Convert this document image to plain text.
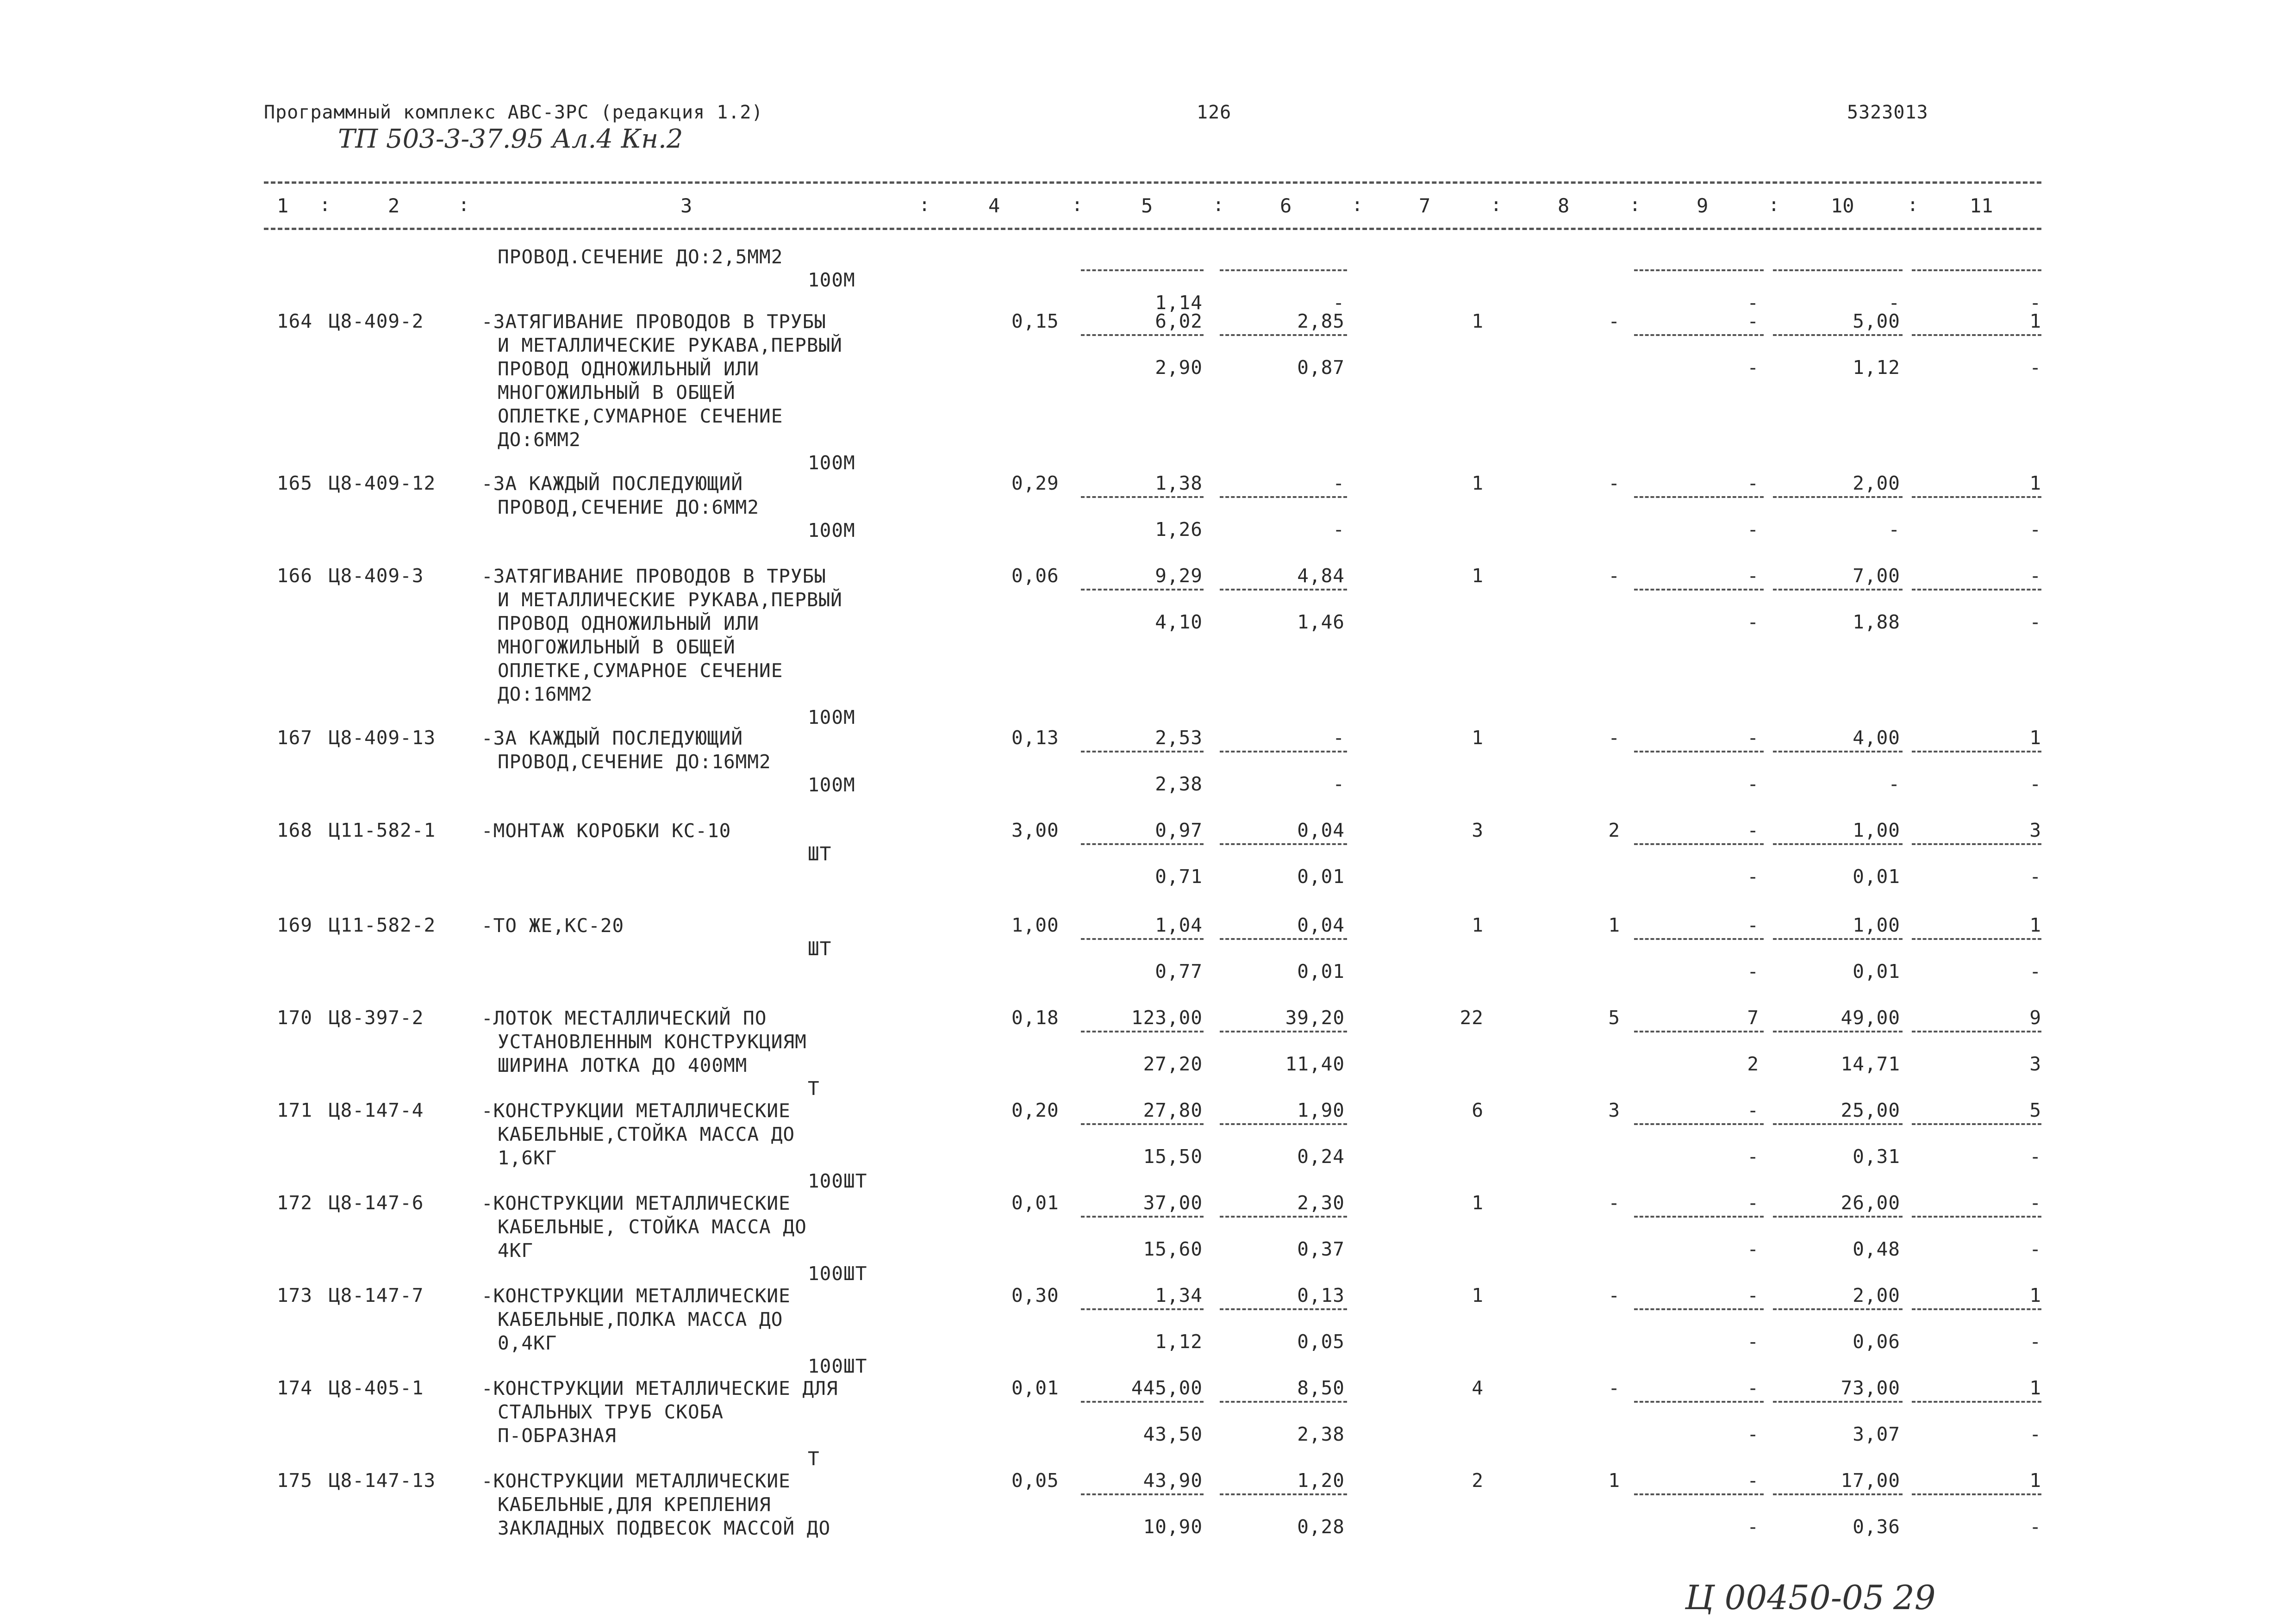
Программный комплекс АВС-3РС (редакция 1.2)	126	5323013
ТП 503-3-37.95 Ал.4 Кн.2
1 :	2	:	3	:	4	:	5	:	6	:	7	:	8	:	9	:	10	:	11
ПРОВОД.СЕЧЕНИЕ ДО:2,5ММ2
100М
1,14	-	-	-	-
164 Ц8-409-2	-ЗАТЯГИВАНИЕ ПРОВОДОВ В ТРУБЫ
И МЕТАЛЛИЧЕСКИЕ РУКАВА,ПЕРВЫЙ
ПРОВОД ОДНОЖИЛЬНЫЙ ИЛИ
МНОГОЖИЛЬНЫЙ В ОБЩЕЙ
ОПЛЕТКЕ,СУМАРНОЕ СЕЧЕНИЕ
ДО:6ММ2
100М
0,15	6,02	2,85	1	-	-	5,00	1
2,90	0,87	-	1,12	-
165 Ц8-409-12 -ЗА КАЖДЫЙ ПОСЛЕДУЮЩИЙ
ПРОВОД,СЕЧЕНИЕ ДО:6ММ2
100М
0,29	1,38	-	1	-	-	2,00	1
1,26	-	-	-	-
166 Ц8-409-3	-ЗАТЯГИВАНИЕ ПРОВОДОВ В ТРУБЫ
И МЕТАЛЛИЧЕСКИЕ РУКАВА,ПЕРВЫЙ
ПРОВОД ОДНОЖИЛЬНЫЙ ИЛИ
МНОГОЖИЛЬНЫЙ В ОБЩЕЙ
ОПЛЕТКЕ,СУМАРНОЕ СЕЧЕНИЕ
ДО:16ММ2
100М
0,06	9,29	4,84	1	-	-	7,00	-
4,10	1,46	-	1,88	-
167 Ц8-409-13 -ЗА КАЖДЫЙ ПОСЛЕДУЮЩИЙ
ПРОВОД,СЕЧЕНИЕ ДО:16ММ2
100М
0,13	2,53	-	1	-	-	4,00	1
2,38	-	-	-	-
168 Ц11-582-1 -МОНТАЖ КОРОБКИ КС-10
ШТ
3,00	0,97	0,04	3	2	-	1,00	3
0,71	0,01	-	0,01	-
169 Ц11-582-2 -ТО ЖЕ,КС-20
ШТ
1,00	1,04	0,04	1	1	-	1,00	1
0,77	0,01	-	0,01	-
170 Ц8-397-2	-ЛОТОК МЕСТАЛЛИЧЕСКИЙ ПО
УСТАНОВЛЕННЫМ КОНСТРУКЦИЯМ
ШИРИНА ЛОТКА ДО 400ММ
Т
0,18	123,00	39,20	22	5	7	49,00	9
27,20	11,40	2	14,71	3
171 Ц8-147-4	-КОНСТРУКЦИИ МЕТАЛЛИЧЕСКИЕ
КАБЕЛЬНЫЕ,СТОЙКА МАССА ДО
1,6КГ
100ШТ
0,20	27,80	1,90	6	3	-	25,00	5
15,50	0,24	-	0,31	-
172 Ц8-147-6	-КОНСТРУКЦИИ МЕТАЛЛИЧЕСКИЕ
КАБЕЛЬНЫЕ, СТОЙКА МАССА ДО
4КГ
100ШТ
0,01	37,00	2,30	1	-	-	26,00	-
15,60	0,37	-	0,48	-
173 Ц8-147-7	-КОНСТРУКЦИИ МЕТАЛЛИЧЕСКИЕ
КАБЕЛЬНЫЕ,ПОЛКА МАССА ДО
0,4КГ
100ШТ
0,30	1,34	0,13	1	-	-	2,00	1
1,12	0,05	-	0,06	-
174 Ц8-405-1	-КОНСТРУКЦИИ МЕТАЛЛИЧЕСКИЕ ДЛЯ
СТАЛЬНЫХ ТРУБ СКОБА
П-ОБРАЗНАЯ
Т
0,01	445,00	8,50	4	-	-	73,00	1
43,50	2,38	-	3,07	-
175 Ц8-147-13 -КОНСТРУКЦИИ МЕТАЛЛИЧЕСКИЕ
КАБЕЛЬНЫЕ,ДЛЯ КРЕПЛЕНИЯ
ЗАКЛАДНЫХ ПОДВЕСОК МАССОЙ ДО
0,05	43,90	1,20	2	1	-	17,00	1
10,90	0,28	-	0,36	-
Ц 00450-05 29
